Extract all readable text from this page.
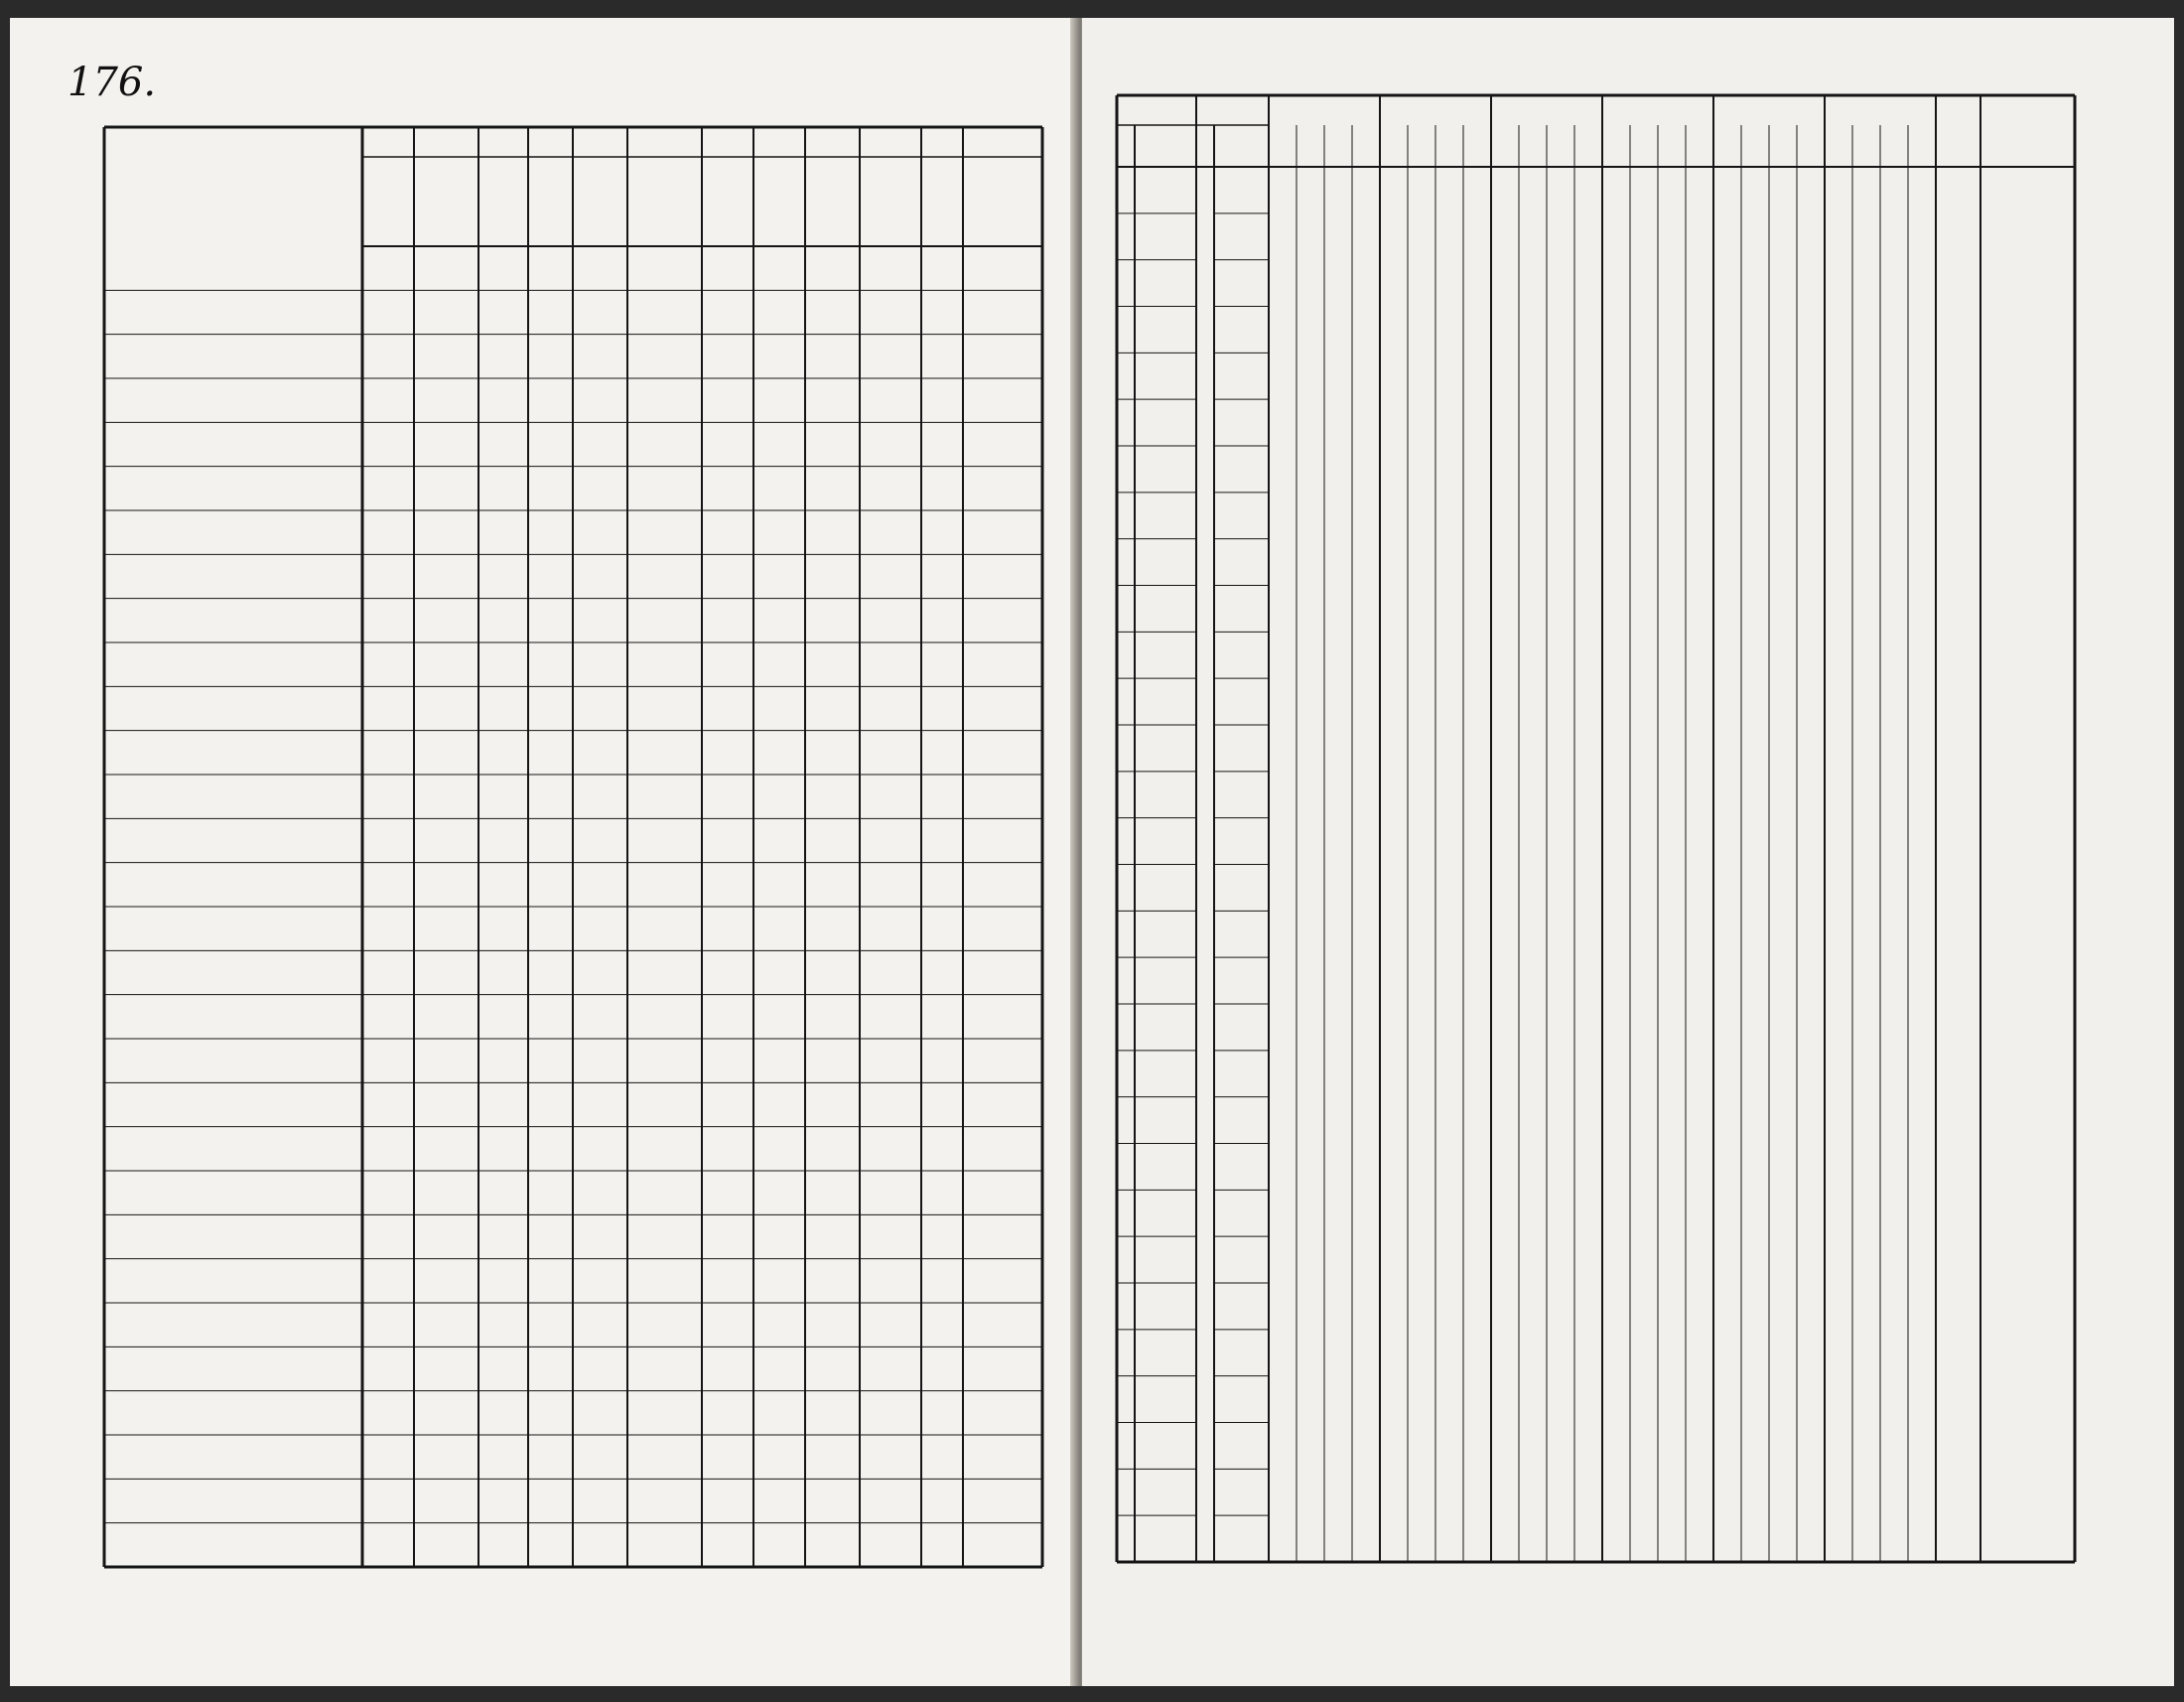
176.
